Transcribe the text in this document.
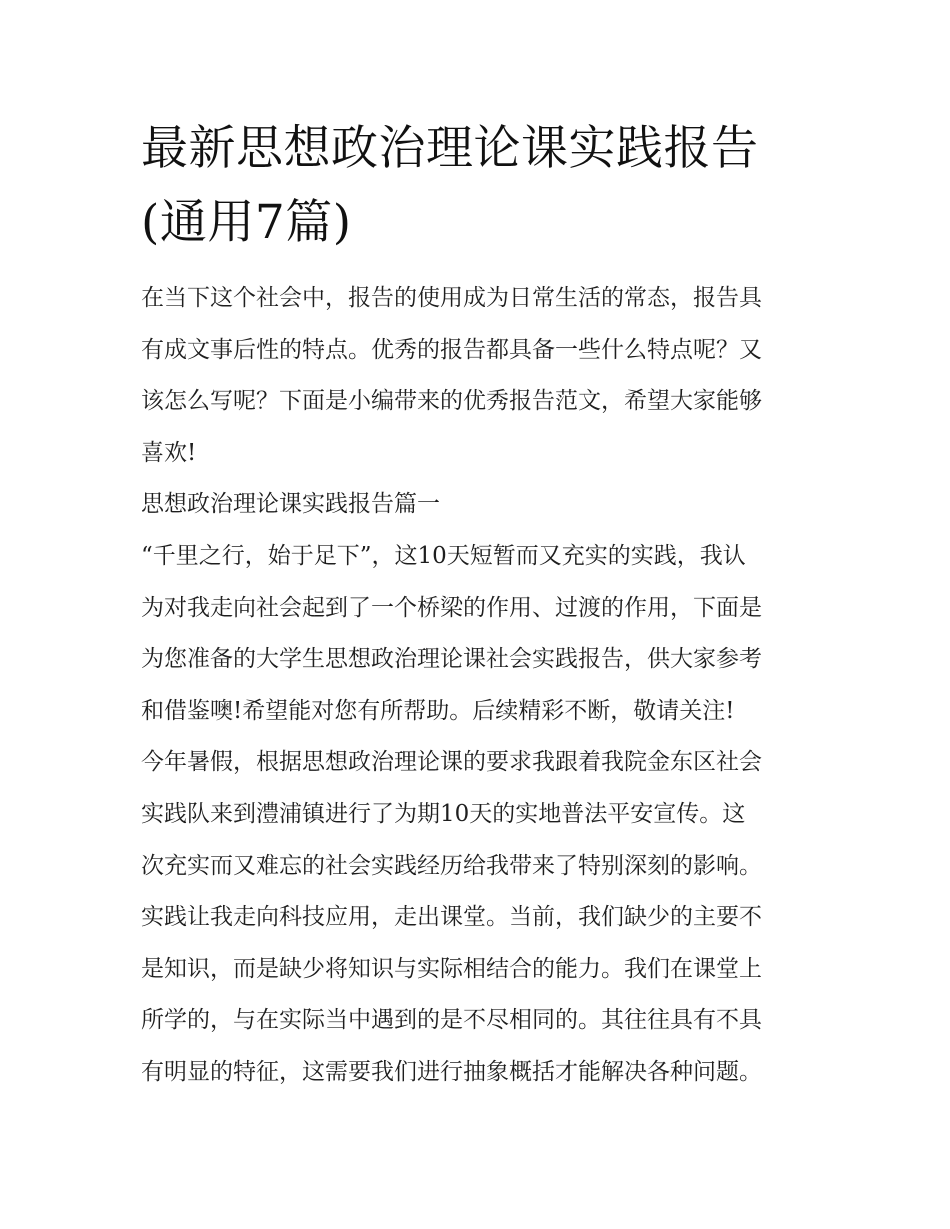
最新思想政治理论课实践报告
(通用7篇)
在当下这个社会中，报告的使用成为日常生活的常态，报告具
有成文事后性的特点。优秀的报告都具备一些什么特点呢？又
该怎么写呢？下面是小编带来的优秀报告范文，希望大家能够
喜欢!
思想政治理论课实践报告篇一
“千里之行，始于足下”，这10天短暂而又充实的实践，我认
为对我走向社会起到了一个桥梁的作用、过渡的作用，下面是
为您准备的大学生思想政治理论课社会实践报告，供大家参考
和借鉴噢!希望能对您有所帮助。后续精彩不断，敬请关注!
今年暑假，根据思想政治理论课的要求我跟着我院金东区社会
实践队来到澧浦镇进行了为期10天的实地普法平安宣传。这
次充实而又难忘的社会实践经历给我带来了特别深刻的影响。
实践让我走向科技应用，走出课堂。当前，我们缺少的主要不
是知识，而是缺少将知识与实际相结合的能力。我们在课堂上
所学的，与在实际当中遇到的是不尽相同的。其往往具有不具
有明显的特征，这需要我们进行抽象概括才能解决各种问题。
